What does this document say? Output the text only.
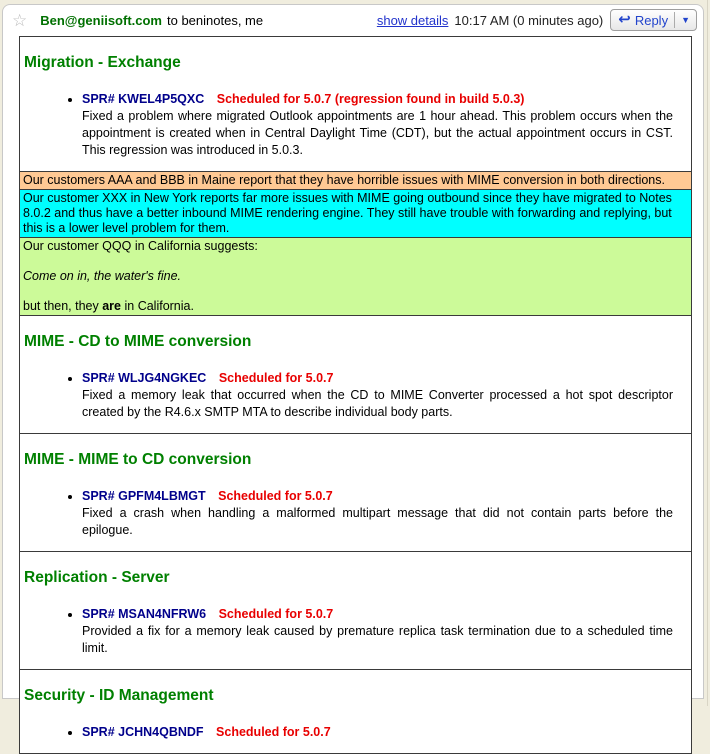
☆ Ben@geniisoft.com to beninotes, me	show details 10:17 AM (0 minutes ago) ↩ Reply ▼
Migration - Exchange
• SPR# KWEL4P5QXC Scheduled for 5.0.7 (regression found in build 5.0.3)
Fixed a problem where migrated Outlook appointments are 1 hour ahead. This problem occurs when the appointment is created when in Central Daylight Time (CDT), but the actual appointment occurs in CST. This regression was introduced in 5.0.3.

Our customers AAA and BBB in Maine report that they have horrible issues with MIME conversion in both directions.

Our customer XXX in New York reports far more issues with MIME going outbound since they have migrated to Notes 8.0.2 and thus have a better inbound MIME rendering engine. They still have trouble with forwarding and replying, but this is a lower level problem for them.

Our customer QQQ in California suggests:

Come on in, the water's fine.

but then, they are in California.

MIME - CD to MIME conversion
• SPR# WLJG4NGKEC Scheduled for 5.0.7
Fixed a memory leak that occurred when the CD to MIME Converter processed a hot spot descriptor created by the R4.6.x SMTP MTA to describe individual body parts.
MIME - MIME to CD conversion
• SPR# GPFM4LBMGT Scheduled for 5.0.7
Fixed a crash when handling a malformed multipart message that did not contain parts before the epilogue.
Replication - Server
• SPR# MSAN4NFRW6 Scheduled for 5.0.7
Provided a fix for a memory leak caused by premature replica task termination due to a scheduled time limit.
Security - ID Management
• SPR# JCHN4QBNDF Scheduled for 5.0.7
